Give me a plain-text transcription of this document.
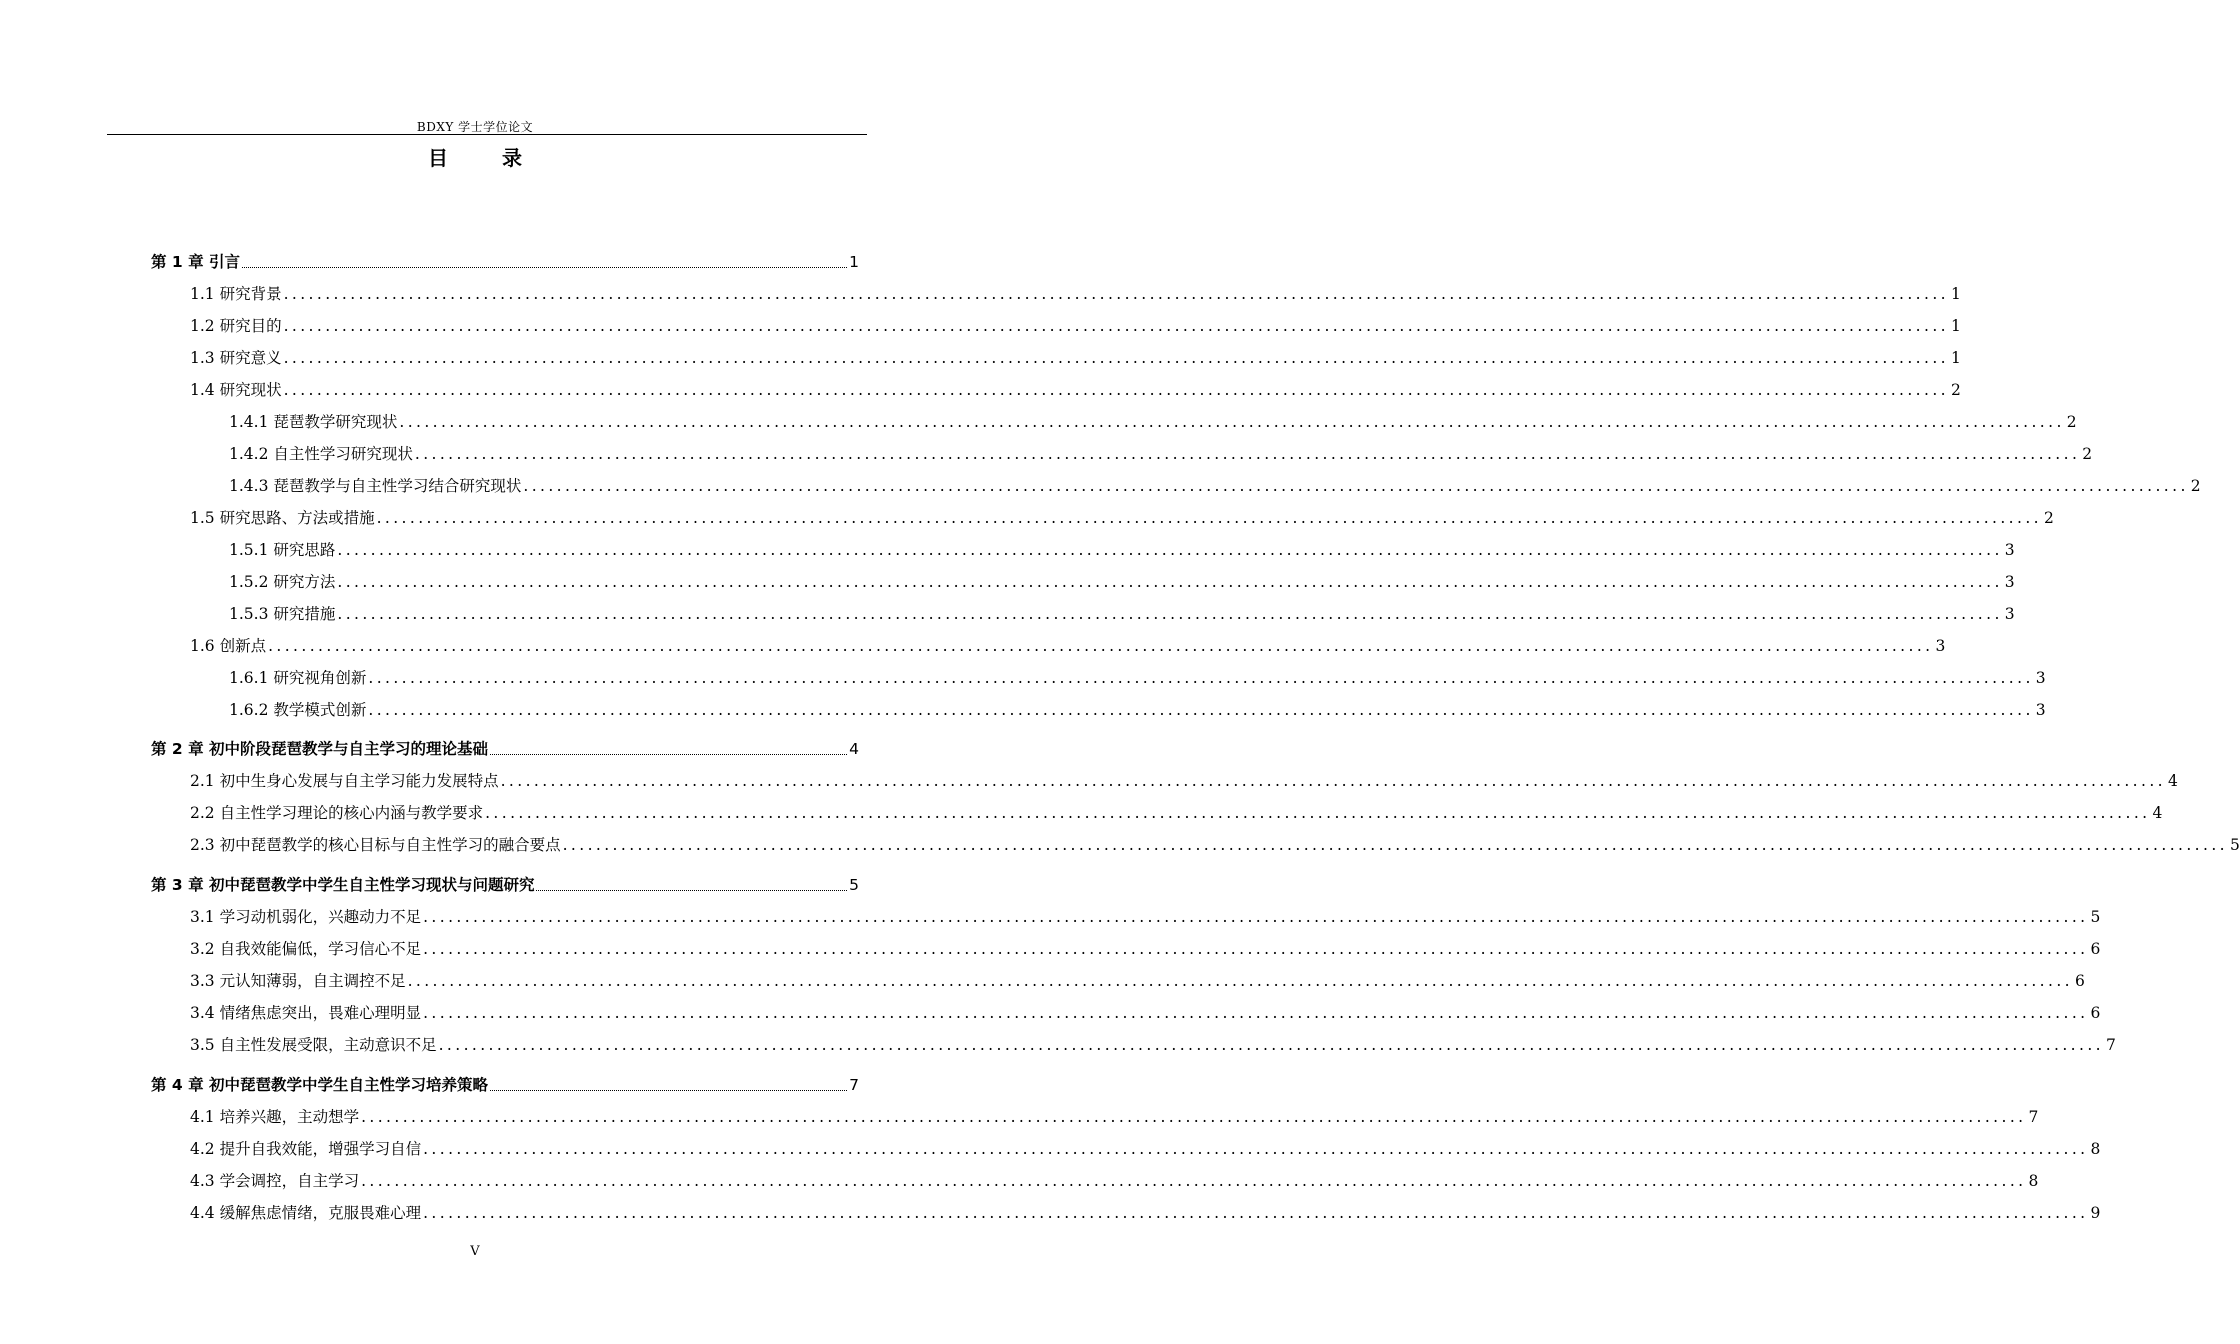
BDXY 学士学位论文
目录
第 1 章 引言	1
1.1 研究背景 ........................................................................................................................................................................................................ 1
1.2 研究目的 ........................................................................................................................................................................................................ 1
1.3 研究意义 ........................................................................................................................................................................................................ 1
1.4 研究现状 ........................................................................................................................................................................................................ 2
1.4.1 琵琶教学研究现状 ........................................................................................................................................................................................................ 2
1.4.2 自主性学习研究现状 ........................................................................................................................................................................................................ 2
1.4.3 琵琶教学与自主性学习结合研究现状 ........................................................................................................................................................................................................ 2
1.5 研究思路、方法或措施 ........................................................................................................................................................................................................ 2
1.5.1 研究思路 ........................................................................................................................................................................................................ 3
1.5.2 研究方法 ........................................................................................................................................................................................................ 3
1.5.3 研究措施 ........................................................................................................................................................................................................ 3
1.6 创新点 ........................................................................................................................................................................................................ 3
1.6.1 研究视角创新 ........................................................................................................................................................................................................ 3
1.6.2 教学模式创新 ........................................................................................................................................................................................................ 3
第 2 章 初中阶段琵琶教学与自主学习的理论基础	4
2.1 初中生身心发展与自主学习能力发展特点 ........................................................................................................................................................................................................ 4
2.2 自主性学习理论的核心内涵与教学要求 ........................................................................................................................................................................................................ 4
2.3 初中琵琶教学的核心目标与自主性学习的融合要点 ........................................................................................................................................................................................................ 5
第 3 章 初中琵琶教学中学生自主性学习现状与问题研究	5
3.1 学习动机弱化，兴趣动力不足 ........................................................................................................................................................................................................ 5
3.2 自我效能偏低，学习信心不足 ........................................................................................................................................................................................................ 6
3.3 元认知薄弱，自主调控不足 ........................................................................................................................................................................................................ 6
3.4 情绪焦虑突出，畏难心理明显 ........................................................................................................................................................................................................ 6
3.5 自主性发展受限，主动意识不足 ........................................................................................................................................................................................................ 7
第 4 章 初中琵琶教学中学生自主性学习培养策略	7
4.1 培养兴趣，主动想学 ........................................................................................................................................................................................................ 7
4.2 提升自我效能，增强学习自信 ........................................................................................................................................................................................................ 8
4.3 学会调控，自主学习 ........................................................................................................................................................................................................ 8
4.4 缓解焦虑情绪，克服畏难心理 ........................................................................................................................................................................................................ 9
V
